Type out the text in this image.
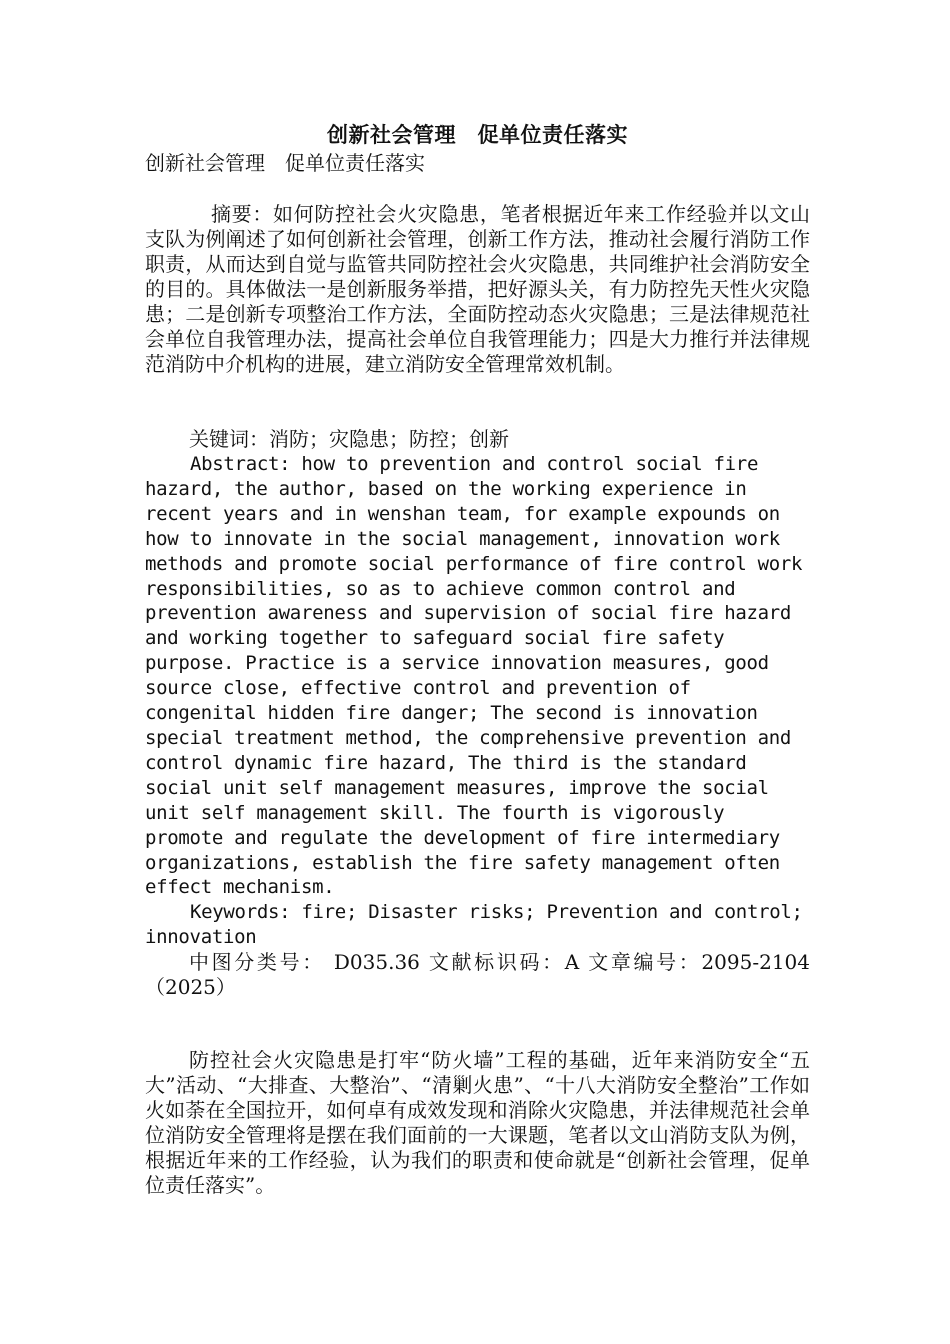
创新社会管理　促单位责任落实

创新社会管理　促单位责任落实

摘要：如何防控社会火灾隐患，笔者根据近年来工作经验并以文山支队为例阐述了如何创新社会管理，创新工作方法，推动社会履行消防工作职责，从而达到自觉与监管共同防控社会火灾隐患，共同维护社会消防安全的目的。具体做法一是创新服务举措，把好源头关，有力防控先天性火灾隐患；二是创新专项整治工作方法，全面防控动态火灾隐患；三是法律规范社会单位自我管理办法，提高社会单位自我管理能力；四是大力推行并法律规范消防中介机构的进展，建立消防安全管理常效机制。

关键词：消防；灾隐患；防控；创新

Abstract: how to prevention and control social fire hazard, the author, based on the working experience in recent years and in wenshan team, for example expounds on how to innovate in the social management, innovation work methods and promote social performance of fire control work responsibilities, so as to achieve common control and prevention awareness and supervision of social fire hazard and working together to safeguard social fire safety purpose. Practice is a service innovation measures, good source close, effective control and prevention of congenital hidden fire danger; The second is innovation special treatment method, the comprehensive prevention and control dynamic fire hazard, The third is the standard social unit self management measures, improve the social unit self management skill. The fourth is vigorously promote and regulate the development of fire intermediary organizations, establish the fire safety management often effect mechanism.

Keywords: fire; Disaster risks; Prevention and control; innovation

中图分类号： D035.36 文献标识码：A 文章编号：2095-2104（2025）

防控社会火灾隐患是打牢“防火墙”工程的基础，近年来消防安全“五大”活动、“大排查、大整治”、“清剿火患”、“十八大消防安全整治”工作如火如荼在全国拉开，如何卓有成效发现和消除火灾隐患，并法律规范社会单位消防安全管理将是摆在我们面前的一大课题，笔者以文山消防支队为例，根据近年来的工作经验，认为我们的职责和使命就是“创新社会管理，促单位责任落实”。
